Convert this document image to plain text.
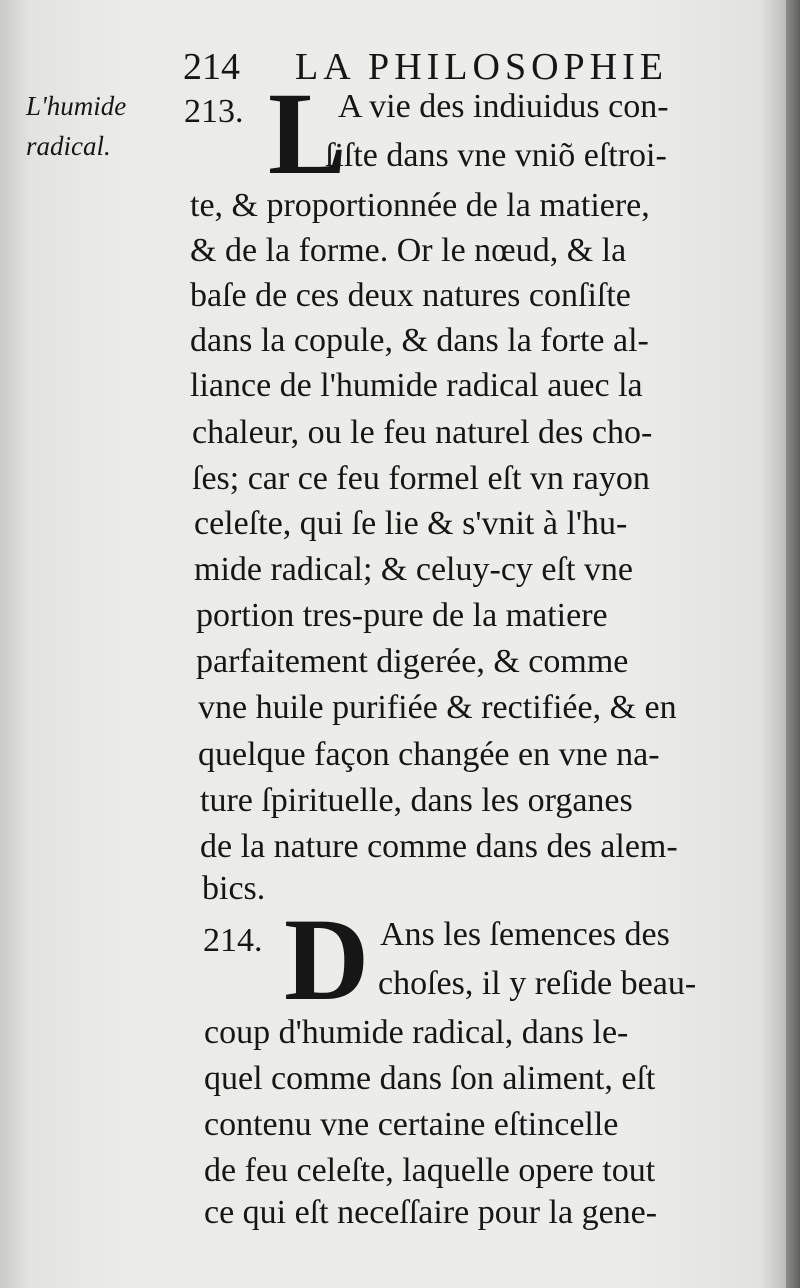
214 LA PHILOSOPHIE
L'humide
radical.
213. L
A vie des indiuidus con-
ſiſte dans vne vniõ eſtroi-
te, & proportionnée de la matiere,
& de la forme. Or le nœud, & la
baſe de ces deux natures conſiſte
dans la copule, & dans la forte al-
liance de l'humide radical auec la
chaleur, ou le feu naturel des cho-
ſes; car ce feu formel eſt vn rayon
celeſte, qui ſe lie & s'vnit à l'hu-
mide radical; & celuy-cy eſt vne
portion tres-pure de la matiere
parfaitement digerée, & comme
vne huile purifiée & rectifiée, & en
quelque façon changée en vne na-
ture ſpirituelle, dans les organes
de la nature comme dans des alem-
bics.
214. D Ans les ſemences des
choſes, il y reſide beau-
coup d'humide radical, dans le-
quel comme dans ſon aliment, eſt
contenu vne certaine eſtincelle
de feu celeſte, laquelle opere tout
ce qui eſt neceſſaire pour la gene-
